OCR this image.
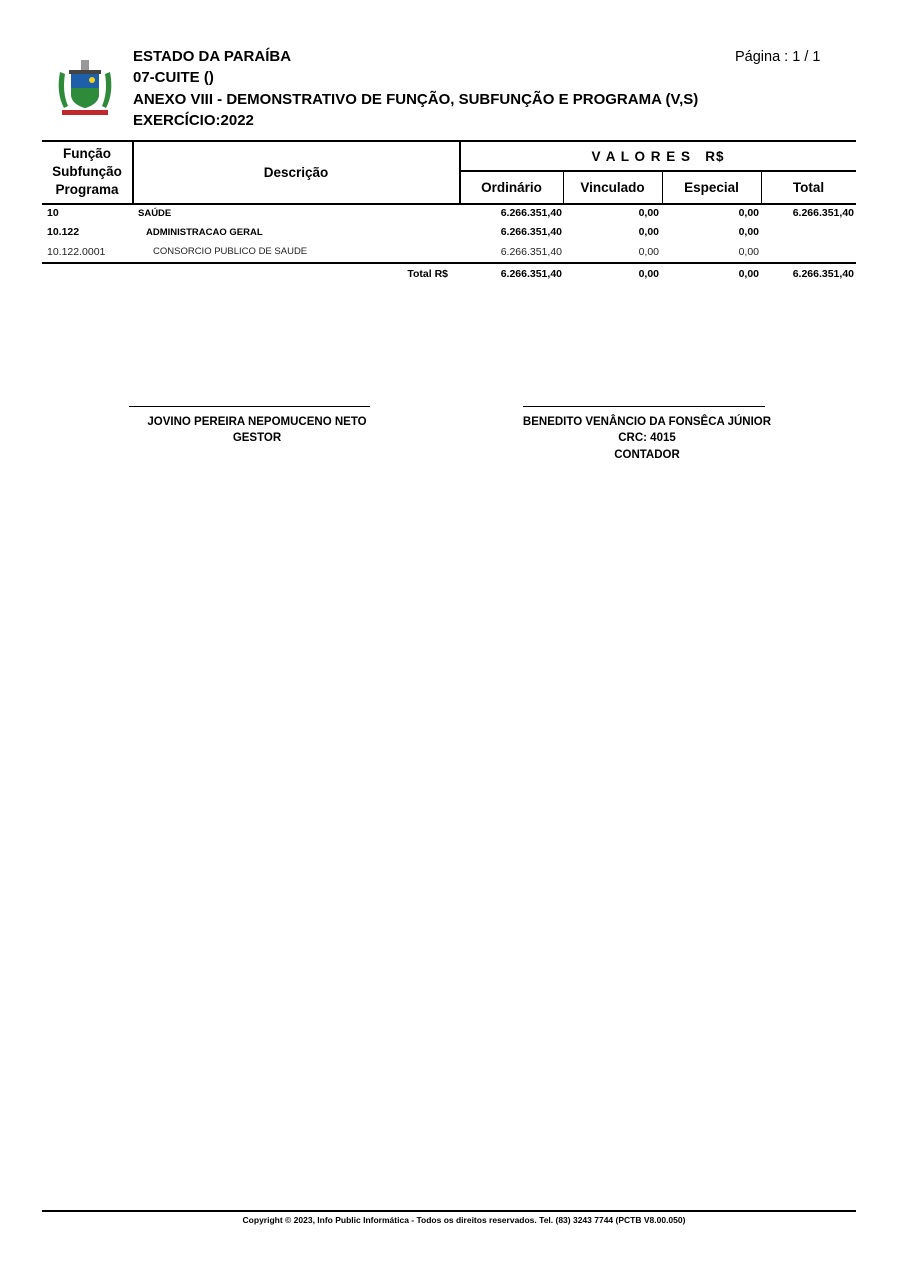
ESTADO DA PARAÍBA
07-CUITE ()
ANEXO VIII - DEMONSTRATIVO DE FUNÇÃO, SUBFUNÇÃO E PROGRAMA (V,S)
EXERCÍCIO:2022
Página : 1 / 1
Função
Subfunção
Programa
Descrição
V A L O R E S   R$
Ordinário	Vinculado	Especial	Total
10	SAÚDE	6.266.351,40	0,00	0,00	6.266.351,40
10.122	ADMINISTRACAO GERAL	6.266.351,40	0,00	0,00
10.122.0001	CONSORCIO PUBLICO DE SAUDE	6.266.351,40	0,00	0,00
Total R$	6.266.351,40	0,00	0,00	6.266.351,40
JOVINO PEREIRA NEPOMUCENO NETO
GESTOR
BENEDITO VENÂNCIO DA FONSÊCA JÚNIOR
CRC: 4015
CONTADOR
Copyright © 2023, Info Public Informática - Todos os direitos reservados. Tel. (83) 3243 7744 (PCTB V8.00.050)
